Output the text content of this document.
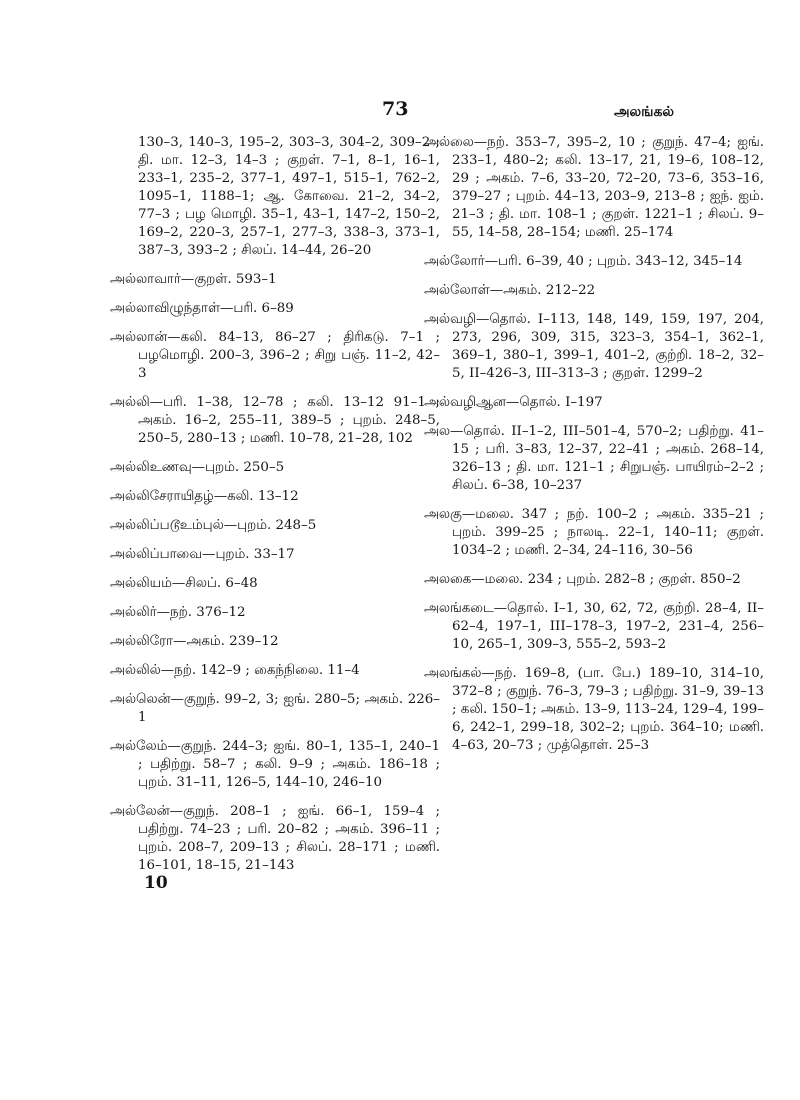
73	அலங்கல்

130–3, 140–3, 195–2, 303–3, 304–2, 309–2 ; தி. மா. 12–3, 14–3 ; குறள். 7–1, 8–1, 16–1, 233–1, 235–2, 377–1, 497–1, 515–1, 762–2, 1095–1, 1188–1; ஆ. கோவை. 21–2, 34–2, 77–3 ; பழ மொழி. 35–1, 43–1, 147–2, 150–2, 169–2, 220–3, 257–1, 277–3, 338–3, 373–1, 387–3, 393–2 ; சிலப். 14–44, 26–20

அல்லாவார்—குறள். 593–1

அல்லாவிழுந்தாள்—பரி. 6–89

அல்லான்—கலி. 84–13, 86–27 ; திரிகடு. 7–1 ; பழமொழி. 200–3, 396–2 ; சிறு பஞ். 11–2, 42–3

அல்லி—பரி. 1–38, 12–78 ; கலி. 13–12 91–1 ; அகம். 16–2, 255–11, 389–5 ; புறம். 248–5, 250–5, 280–13 ; மணி. 10–78, 21–28, 102

அல்லிஉணவு—புறம். 250–5

அல்லிசேராயிதழ்—கலி. 13–12

அல்லிப்படூஉம்புல்—புறம். 248–5

அல்லிப்பாவை—புறம். 33–17

அல்லியம்—சிலப். 6–48

அல்லிர்—நற். 376–12

அல்லிரோ—அகம். 239–12

அல்லில்—நற். 142–9 ; கைந்நிலை. 11–4

அல்லென்—குறுந். 99–2, 3; ஐங். 280–5; அகம். 226–1

அல்லேம்—குறுந். 244–3; ஐங். 80–1, 135–1, 240–1 ; பதிற்று. 58–7 ; கலி. 9–9 ; அகம். 186–18 ; புறம். 31–11, 126–5, 144–10, 246–10

அல்லேன்—குறுந். 208–1 ; ஐங். 66–1, 159–4 ; பதிற்று. 74–23 ; பரி. 20–82 ; அகம். 396–11 ; புறம். 208–7, 209–13 ; சிலப். 28–171 ; மணி. 16–101, 18–15, 21–143

அல்லை—நற். 353–7, 395–2, 10 ; குறுந். 47–4; ஐங். 233–1, 480–2; கலி. 13–17, 21, 19–6, 108–12, 29 ; அகம். 7–6, 33–20, 72–20, 73–6, 353–16, 379–27 ; புறம். 44–13, 203–9, 213–8 ; ஐந். ஐம். 21–3 ; தி. மா. 108–1 ; குறள். 1221–1 ; சிலப். 9–55, 14–58, 28–154; மணி. 25–174

அல்லோர்—பரி. 6–39, 40 ; புறம். 343–12, 345–14

அல்லோள்—அகம். 212–22

அல்வழி—தொல். I–113, 148, 149, 159, 197, 204, 273, 296, 309, 315, 323–3, 354–1, 362–1, 369–1, 380–1, 399–1, 401–2, குற்றி. 18–2, 32–5, II–426–3, III–313–3 ; குறள். 1299–2

அல்வழிஆன—தொல். I–197

அல—தொல். II–1–2, III–501–4, 570–2; பதிற்று. 41–15 ; பரி. 3–83, 12–37, 22–41 ; அகம். 268–14, 326–13 ; தி. மா. 121–1 ; சிறுபஞ். பாயிரம்–2–2 ; சிலப். 6–38, 10–237

அலகு—மலை. 347 ; நற். 100–2 ; அகம். 335–21 ; புறம். 399–25 ; நாலடி. 22–1, 140–11; குறள். 1034–2 ; மணி. 2–34, 24–116, 30–56

அலகை—மலை. 234 ; புறம். 282–8 ; குறள். 850–2

அலங்கடை—தொல். I–1, 30, 62, 72, குற்றி. 28–4, II–62–4, 197–1, III–178–3, 197–2, 231–4, 256–10, 265–1, 309–3, 555–2, 593–2

அலங்கல்—நற். 169–8, (பா. பே.) 189–10, 314–10, 372–8 ; குறுந். 76–3, 79–3 ; பதிற்று. 31–9, 39–13 ; கலி. 150–1; அகம். 13–9, 113–24, 129–4, 199–6, 242–1, 299–18, 302–2; புறம். 364–10; மணி. 4–63, 20–73 ; முத்தொள். 25–3

10
